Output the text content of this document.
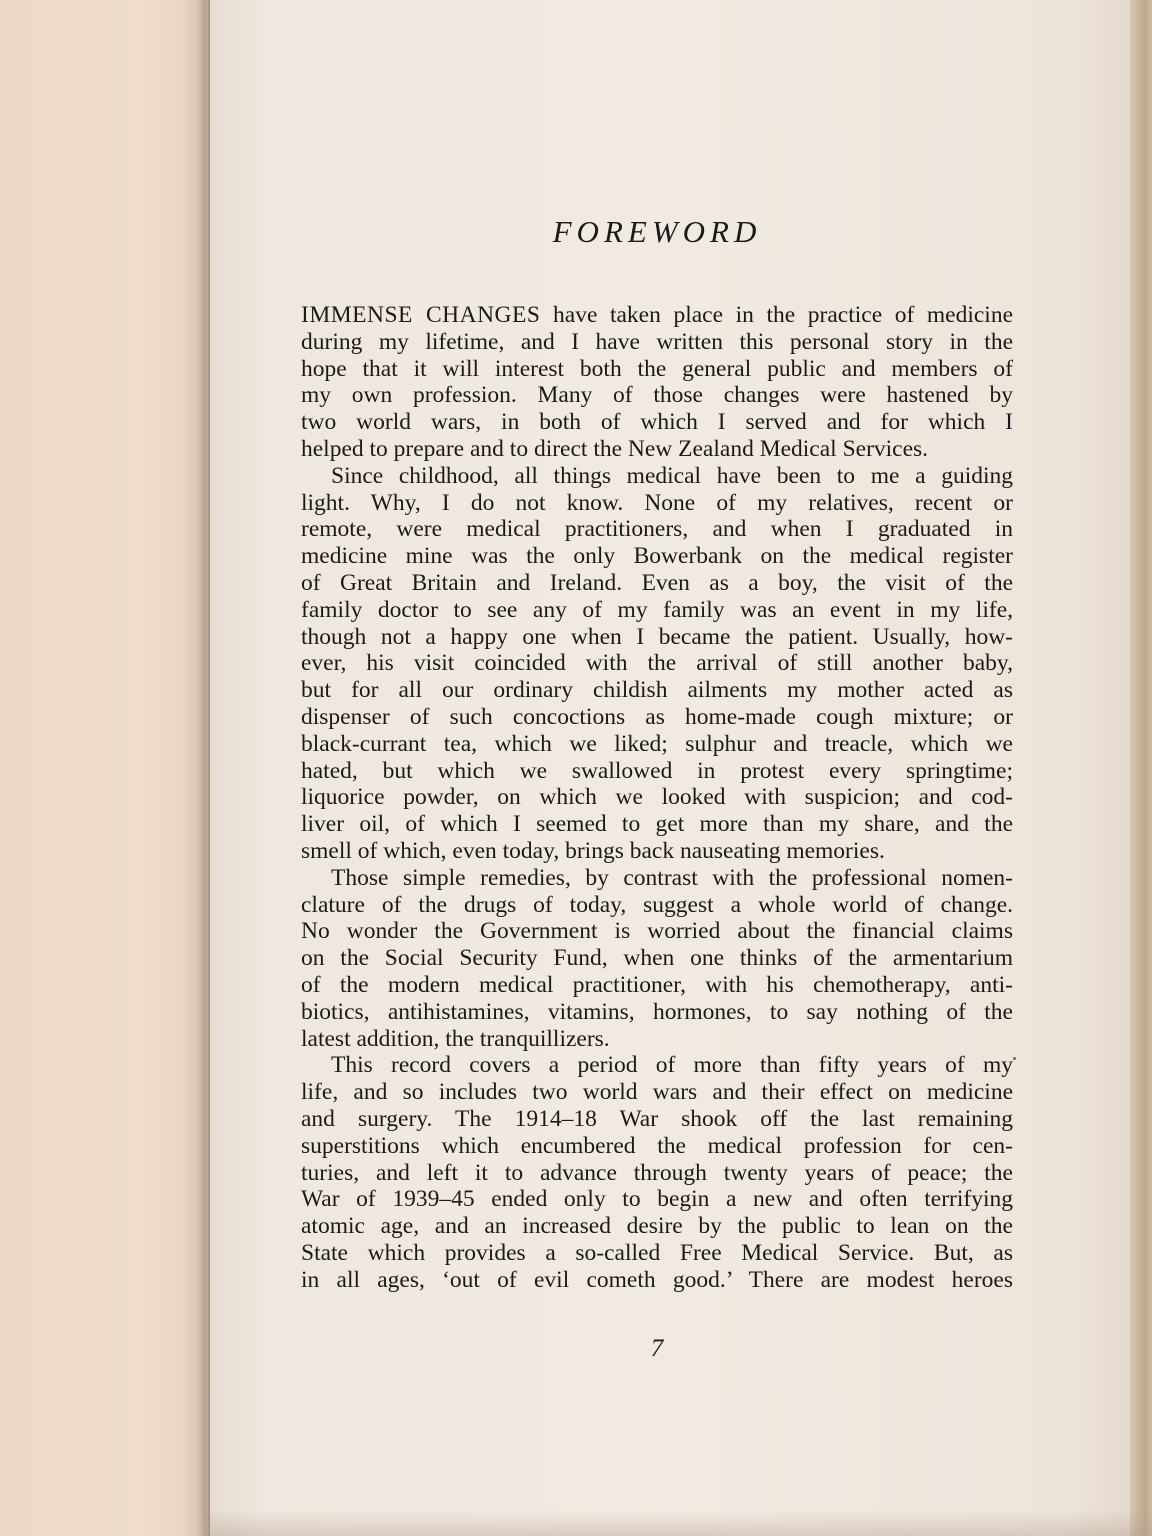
FOREWORD
IMMENSE CHANGES have taken place in the practice of medicine
during my lifetime, and I have written this personal story in the
hope that it will interest both the general public and members of
my own profession. Many of those changes were hastened by
two world wars, in both of which I served and for which I
helped to prepare and to direct the New Zealand Medical Services.
Since childhood, all things medical have been to me a guiding
light. Why, I do not know. None of my relatives, recent or
remote, were medical practitioners, and when I graduated in
medicine mine was the only Bowerbank on the medical register
of Great Britain and Ireland. Even as a boy, the visit of the
family doctor to see any of my family was an event in my life,
though not a happy one when I became the patient. Usually, how-
ever, his visit coincided with the arrival of still another baby,
but for all our ordinary childish ailments my mother acted as
dispenser of such concoctions as home-made cough mixture; or
black-currant tea, which we liked; sulphur and treacle, which we
hated, but which we swallowed in protest every springtime;
liquorice powder, on which we looked with suspicion; and cod-
liver oil, of which I seemed to get more than my share, and the
smell of which, even today, brings back nauseating memories.
Those simple remedies, by contrast with the professional nomen-
clature of the drugs of today, suggest a whole world of change.
No wonder the Government is worried about the financial claims
on the Social Security Fund, when one thinks of the armentarium
of the modern medical practitioner, with his chemotherapy, anti-
biotics, antihistamines, vitamins, hormones, to say nothing of the
latest addition, the tranquillizers.
This record covers a period of more than fifty years of my
life, and so includes two world wars and their effect on medicine
and surgery. The 1914–18 War shook off the last remaining
superstitions which encumbered the medical profession for cen-
turies, and left it to advance through twenty years of peace; the
War of 1939–45 ended only to begin a new and often terrifying
atomic age, and an increased desire by the public to lean on the
State which provides a so-called Free Medical Service. But, as
in all ages, ‘out of evil cometh good.’ There are modest heroes
7
